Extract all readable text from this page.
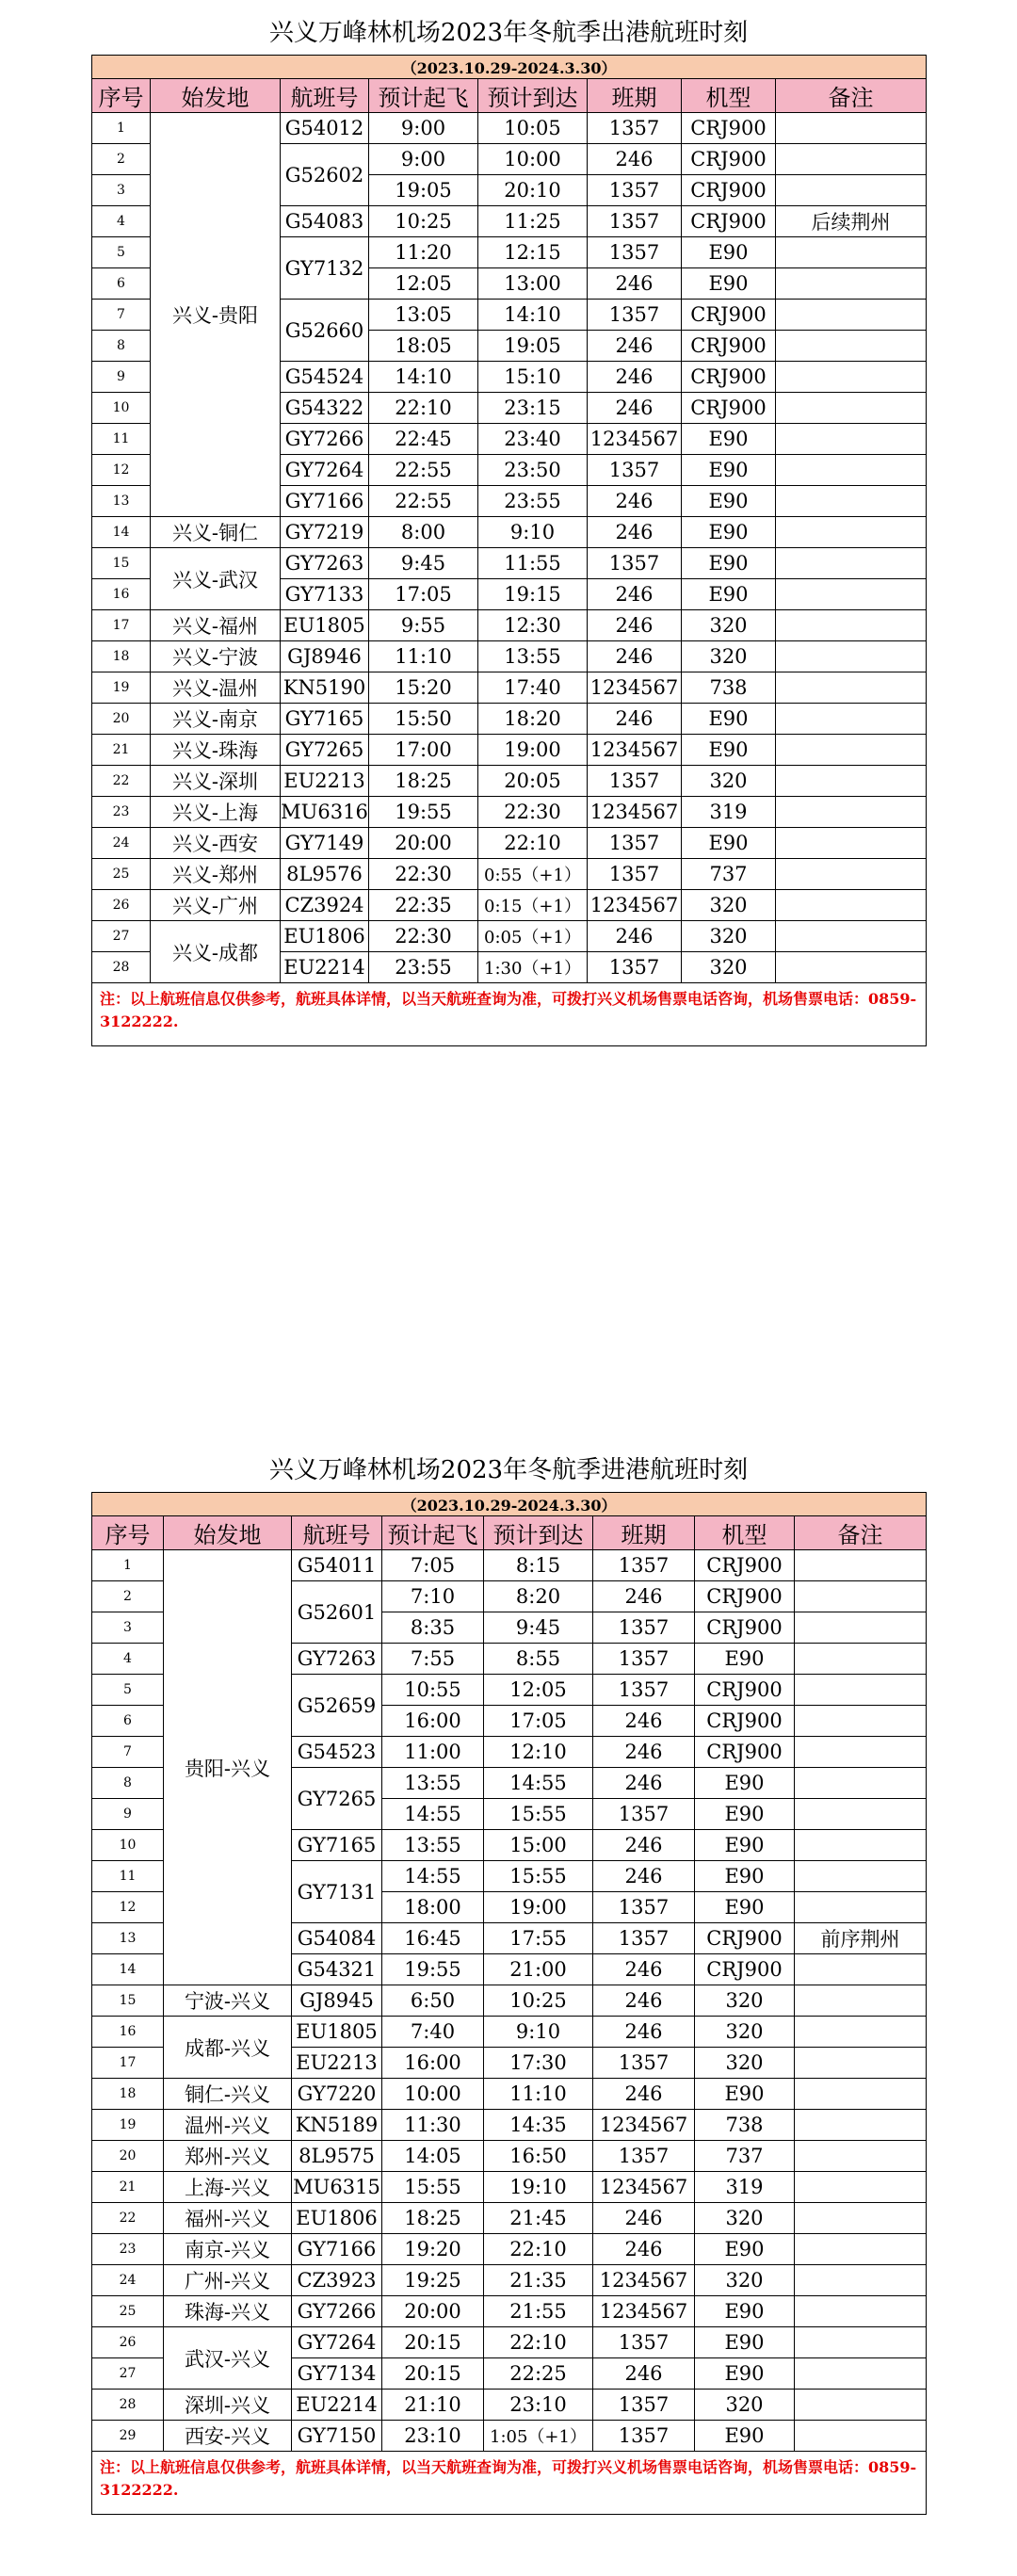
兴义万峰林机场2023年冬航季出港航班时刻
（2023.10.29-2024.3.30）							
序号	始发地	航班号	预计起飞	预计到达	班期	机型	备注
1	兴义-贵阳	G54012	9:00	10:05	1357	CRJ900	
2		G52602	9:00	10:00	246	CRJ900	
3			19:05	20:10	1357	CRJ900	
4		G54083	10:25	11:25	1357	CRJ900	后续荆州
5		GY7132	11:20	12:15	1357	E90	
6			12:05	13:00	246	E90	
7		G52660	13:05	14:10	1357	CRJ900	
8			18:05	19:05	246	CRJ900	
9		G54524	14:10	15:10	246	CRJ900	
10		G54322	22:10	23:15	246	CRJ900	
11		GY7266	22:45	23:40	1234567	E90	
12		GY7264	22:55	23:50	1357	E90	
13		GY7166	22:55	23:55	246	E90	
14	兴义-铜仁	GY7219	8:00	9:10	246	E90	
15	兴义-武汉	GY7263	9:45	11:55	1357	E90	
16		GY7133	17:05	19:15	246	E90	
17	兴义-福州	EU1805	9:55	12:30	246	320	
18	兴义-宁波	GJ8946	11:10	13:55	246	320	
19	兴义-温州	KN5190	15:20	17:40	1234567	738	
20	兴义-南京	GY7165	15:50	18:20	246	E90	
21	兴义-珠海	GY7265	17:00	19:00	1234567	E90	
22	兴义-深圳	EU2213	18:25	20:05	1357	320	
23	兴义-上海	MU6316	19:55	22:30	1234567	319	
24	兴义-西安	GY7149	20:00	22:10	1357	E90	
25	兴义-郑州	8L9576	22:30	0:55（+1）	1357	737	
26	兴义-广州	CZ3924	22:35	0:15（+1）	1234567	320	
27	兴义-成都	EU1806	22:30	0:05（+1）	246	320	
28		EU2214	23:55	1:30（+1）	1357	320	
注：以上航班信息仅供参考，航班具体详情，以当天航班查询为准，可拨打兴义机场售票电话咨询，机场售票电话：0859-3122222.							
兴义万峰林机场2023年冬航季进港航班时刻
（2023.10.29-2024.3.30）							
序号	始发地	航班号	预计起飞	预计到达	班期	机型	备注
1	贵阳-兴义	G54011	7:05	8:15	1357	CRJ900	
2		G52601	7:10	8:20	246	CRJ900	
3			8:35	9:45	1357	CRJ900	
4		GY7263	7:55	8:55	1357	E90	
5		G52659	10:55	12:05	1357	CRJ900	
6			16:00	17:05	246	CRJ900	
7		G54523	11:00	12:10	246	CRJ900	
8		GY7265	13:55	14:55	246	E90	
9			14:55	15:55	1357	E90	
10		GY7165	13:55	15:00	246	E90	
11		GY7131	14:55	15:55	246	E90	
12			18:00	19:00	1357	E90	
13		G54084	16:45	17:55	1357	CRJ900	前序荆州
14		G54321	19:55	21:00	246	CRJ900	
15	宁波-兴义	GJ8945	6:50	10:25	246	320	
16	成都-兴义	EU1805	7:40	9:10	246	320	
17		EU2213	16:00	17:30	1357	320	
18	铜仁-兴义	GY7220	10:00	11:10	246	E90	
19	温州-兴义	KN5189	11:30	14:35	1234567	738	
20	郑州-兴义	8L9575	14:05	16:50	1357	737	
21	上海-兴义	MU6315	15:55	19:10	1234567	319	
22	福州-兴义	EU1806	18:25	21:45	246	320	
23	南京-兴义	GY7166	19:20	22:10	246	E90	
24	广州-兴义	CZ3923	19:25	21:35	1234567	320	
25	珠海-兴义	GY7266	20:00	21:55	1234567	E90	
26	武汉-兴义	GY7264	20:15	22:10	1357	E90	
27		GY7134	20:15	22:25	246	E90	
28	深圳-兴义	EU2214	21:10	23:10	1357	320	
29	西安-兴义	GY7150	23:10	1:05（+1）	1357	E90	
注：以上航班信息仅供参考，航班具体详情，以当天航班查询为准，可拨打兴义机场售票电话咨询，机场售票电话：0859-3122222.							
